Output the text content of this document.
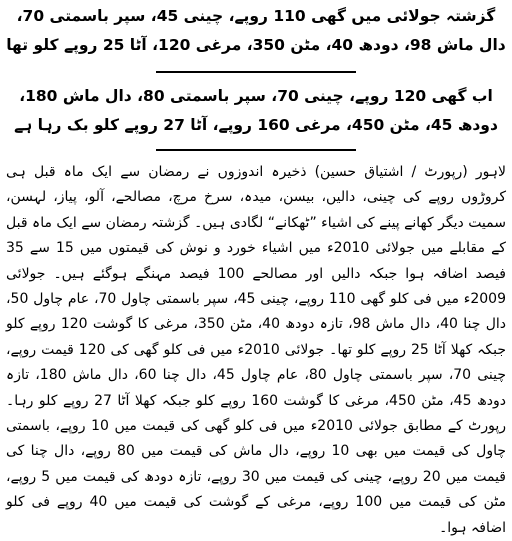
گزشتہ جولائی میں گھی 110 روپے، چینی 45، سپر باسمتی 70، دال ماش 98، دودھ 40، مٹن 350، مرغی 120، آٹا 25 روپے کلو تھا
اب گھی 120 روپے، چینی 70، سپر باسمتی 80، دال ماش 180، دودھ 45، مٹن 450، مرغی 160 روپے، آٹا 27 روپے کلو بک رہا ہے
لاہور (رپورٹ / اشتیاق حسین) ذخیرہ اندوزوں نے رمضان سے ایک ماہ قبل ہی کروڑوں روپے کی چینی، دالیں، بیسن، میدہ، سرخ مرچ، مصالحے، آلو، پیاز، لہسن، سمیت دیگر کھانے پینے کی اشیاء ”ٹھکانے“ لگادی ہیں۔ گزشتہ رمضان سے ایک ماہ قبل کے مقابلے میں جولائی 2010ء میں اشیاء خورد و نوش کی قیمتوں میں 15 سے 35 فیصد اضافہ ہوا جبکہ دالیں اور مصالحے 100 فیصد مہنگے ہوگئے ہیں۔ جولائی 2009ء میں فی کلو گھی 110 روپے، چینی 45، سپر باسمتی چاول 70، عام چاول 50، دال چنا 40، دال ماش 98، تازہ دودھ 40، مٹن 350، مرغی کا گوشت 120 روپے کلو جبکہ کھلا آٹا 25 روپے کلو تھا۔ جولائی 2010ء میں فی کلو گھی کی 120 قیمت روپے، چینی 70، سپر باسمتی چاول 80، عام چاول 45، دال چنا 60، دال ماش 180، تازہ دودھ 45، مٹن 450، مرغی کا گوشت 160 روپے کلو جبکہ کھلا آٹا 27 روپے کلو رہا۔ رپورٹ کے مطابق جولائی 2010ء میں فی کلو گھی کی قیمت میں 10 روپے، باسمتی چاول کی قیمت میں بھی 10 روپے، دال ماش کی قیمت میں 80 روپے، دال چنا کی قیمت میں 20 روپے، چینی کی قیمت میں 30 روپے، تازہ دودھ کی قیمت میں 5 روپے، مٹن کی قیمت میں 100 روپے، مرغی کے گوشت کی قیمت میں 40 روپے فی کلو اضافہ ہوا۔
